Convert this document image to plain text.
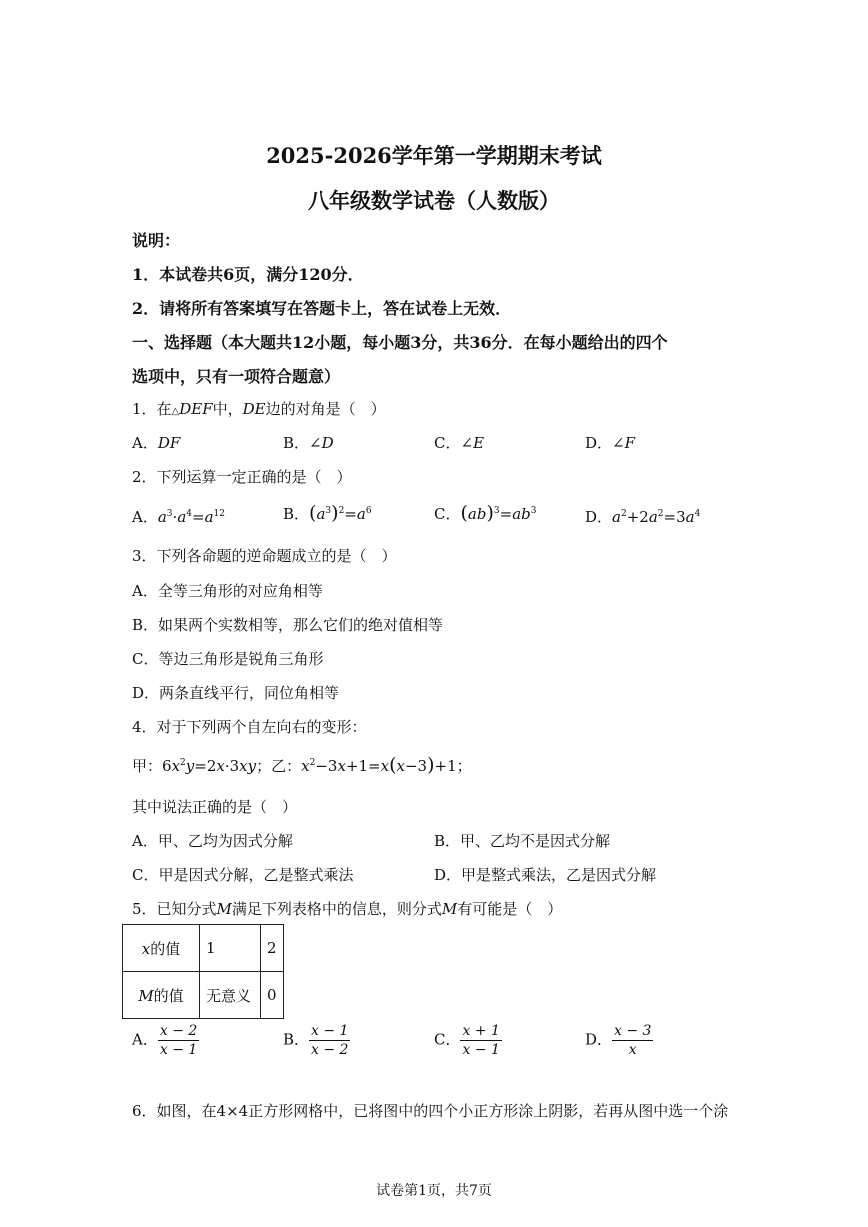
2025-2026学年第一学期期末考试
八年级数学试卷（人数版）
说明：
1．本试卷共6页，满分120分．
2．请将所有答案填写在答题卡上，答在试卷上无效．
一、选择题（本大题共12小题，每小题3分，共36分．在每小题给出的四个
选项中，只有一项符合题意）
1．在△DEF中，DE边的对角是（　）
A．DF	B．∠D	C．∠E	D．∠F
2．下列运算一定正确的是（　）
A．$a^3\cdot a^4=a^{12}$	B．$(a^3)^2=a^6$	C．$(ab)^3=ab^3$	D．$a^2+2a^2=3a^4$
3．下列各命题的逆命题成立的是（　）
A．全等三角形的对应角相等
B．如果两个实数相等，那么它们的绝对值相等
C．等边三角形是锐角三角形
D．两条直线平行，同位角相等
4．对于下列两个自左向右的变形：
甲：$6x^2y=2x\cdot 3xy$；乙：$x^2-3x+1=x(x-3)+1$；
其中说法正确的是（　）
A．甲、乙均为因式分解	B．甲、乙均不是因式分解
C．甲是因式分解，乙是整式乘法	D．甲是整式乘法，乙是因式分解
5．已知分式M满足下列表格中的信息，则分式M有可能是（　）
x的值	1	2
M的值	无意义	0
A． $\frac{x - 2}{x - 1}$	B． $\frac{x - 1}{x - 2}$	C． $\frac{x + 1}{x - 1}$	D． $\frac{x - 3}{x}$
6．如图，在4×4正方形网格中，已将图中的四个小正方形涂上阴影，若再从图中选一个涂
试卷第1页，共7页
